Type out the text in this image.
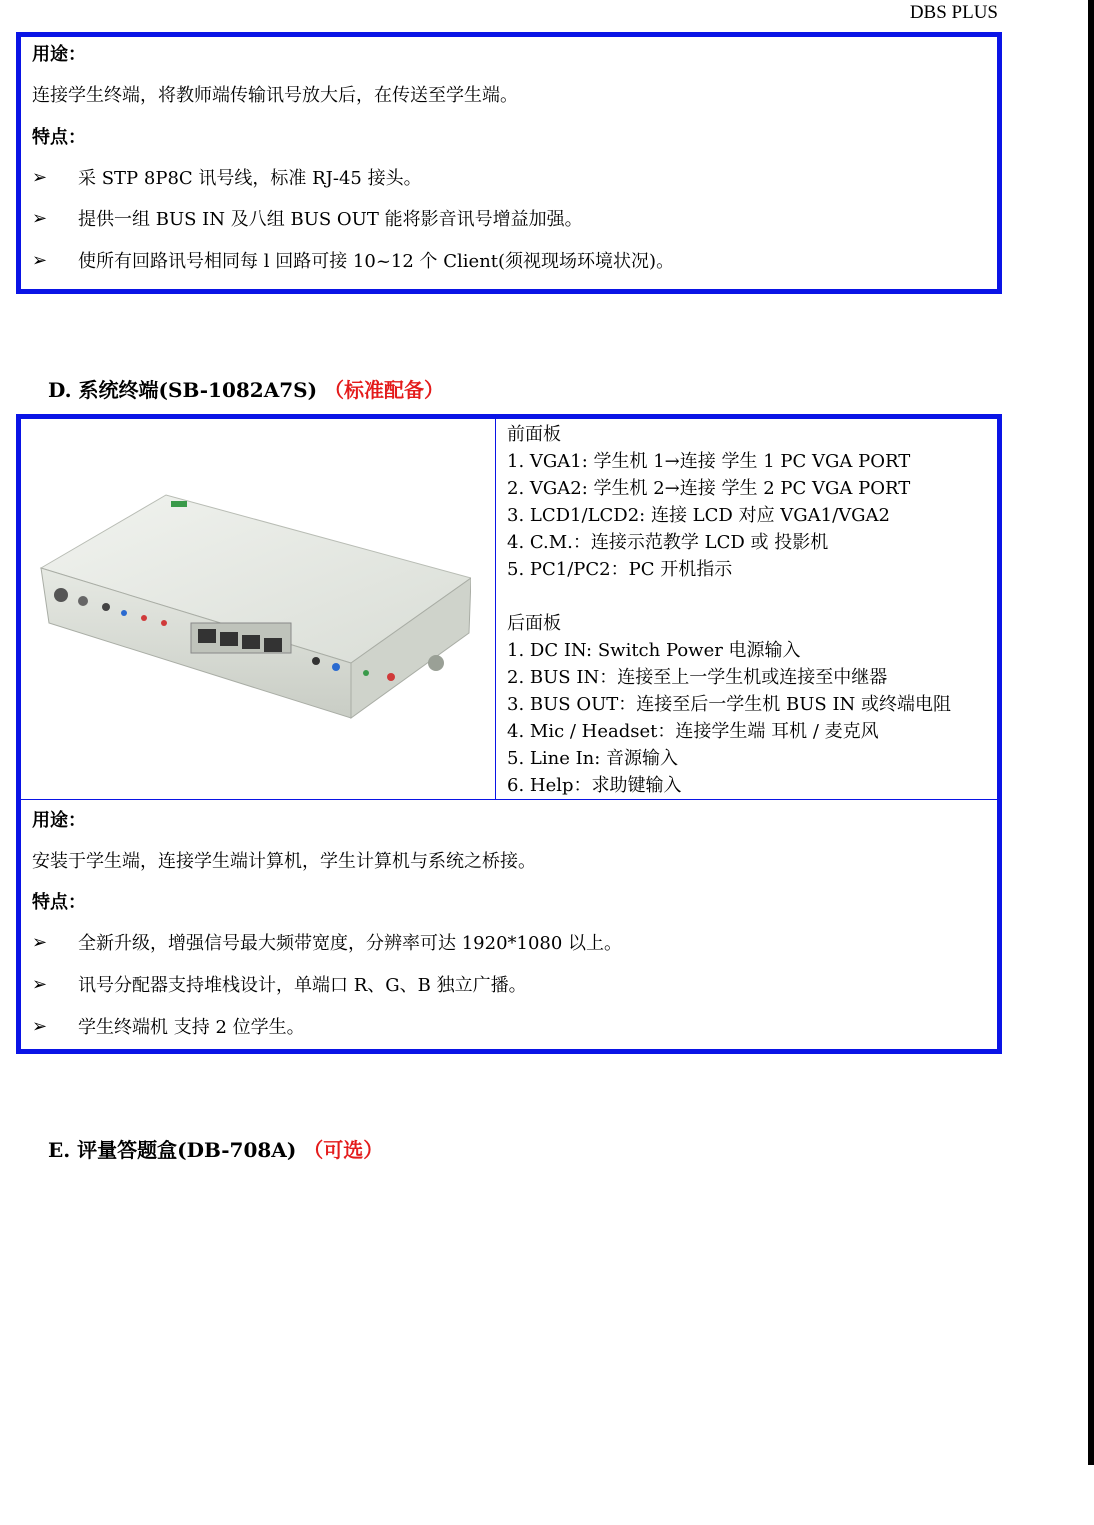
DBS PLUS
用途：
连接学生终端，将教师端传输讯号放大后，在传送至学生端。
特点：
➢	采 STP 8P8C 讯号线，标准 RJ-45 接头。
➢	提供一组 BUS IN 及八组 BUS OUT 能将影音讯号增益加强。
➢	使所有回路讯号相同每 l 回路可接 10~12 个 Client(须视现场环境状况)。
D. 系统终端(SB-1082A7S) （标准配备）
前面板
1. VGA1: 学生机 1→连接 学生 1 PC VGA PORT
2. VGA2: 学生机 2→连接 学生 2 PC VGA PORT
3. LCD1/LCD2: 连接 LCD 对应 VGA1/VGA2
4. C.M.：连接示范教学 LCD 或 投影机
5. PC1/PC2：PC 开机指示
后面板
1. DC IN: Switch Power 电源输入
2. BUS IN：连接至上一学生机或连接至中继器
3. BUS OUT：连接至后一学生机 BUS IN 或终端电阻
4. Mic / Headset：连接学生端 耳机 / 麦克风
5. Line In: 音源输入
6. Help：求助键输入
用途：
安装于学生端，连接学生端计算机，学生计算机与系统之桥接。
特点：
➢	全新升级，增强信号最大频带宽度，分辨率可达 1920*1080 以上。
➢	讯号分配器支持堆栈设计，单端口 R、G、B 独立广播。
➢	学生终端机 支持 2 位学生。
E. 评量答题盒(DB-708A) （可选）
